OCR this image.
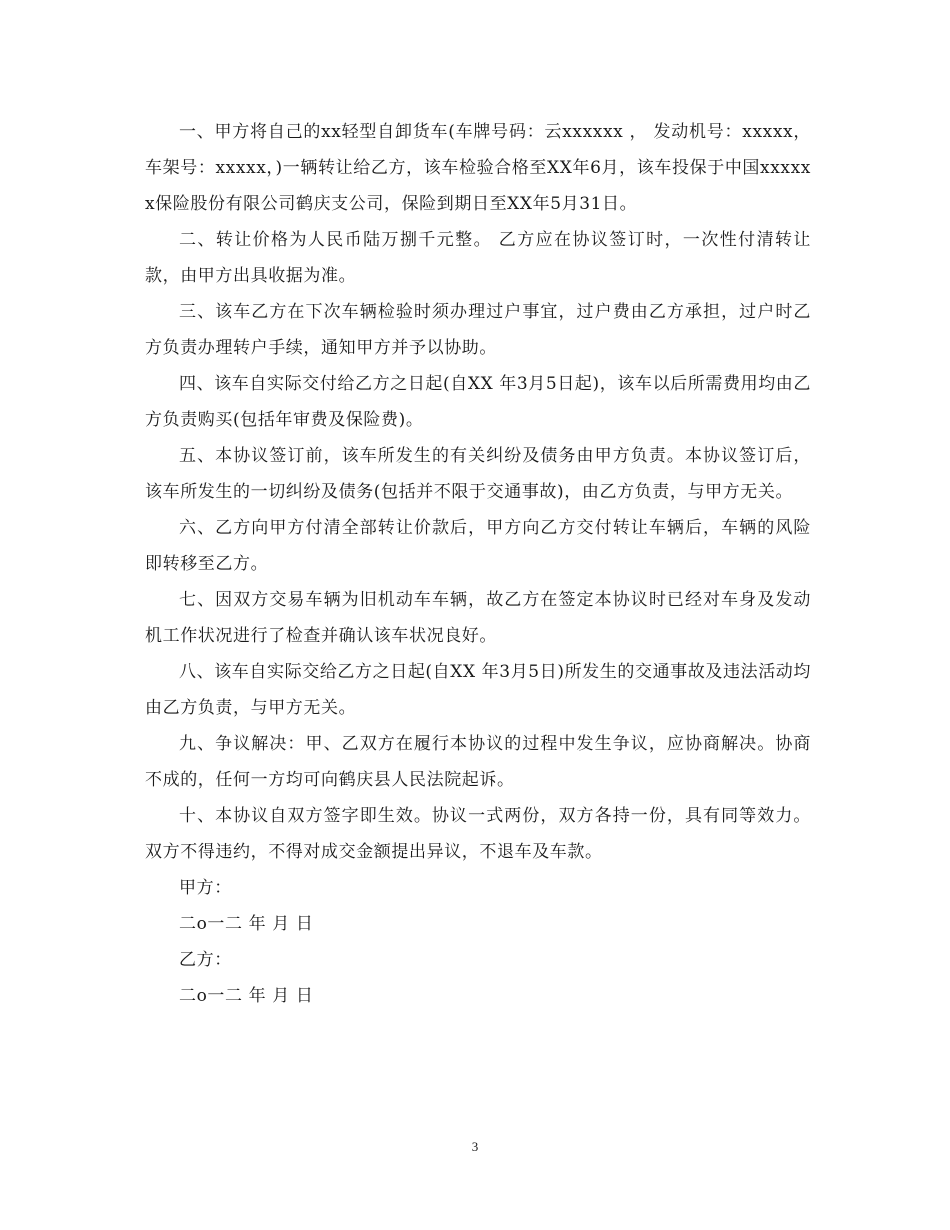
一、甲方将自己的xx轻型自卸货车(车牌号码：云xxxxxx ， 发动机号：xxxxx，车架号：xxxxx，)一辆转让给乙方，该车检验合格至XX年6月，该车投保于中国xxxxxx保险股份有限公司鹤庆支公司，保险到期日至XX年5月31日。

二、转让价格为人民币陆万捌千元整。 乙方应在协议签订时，一次性付清转让款，由甲方出具收据为准。

三、该车乙方在下次车辆检验时须办理过户事宜，过户费由乙方承担，过户时乙方负责办理转户手续，通知甲方并予以协助。

四、该车自实际交付给乙方之日起(自XX 年3月5日起)，该车以后所需费用均由乙方负责购买(包括年审费及保险费)。

五、本协议签订前，该车所发生的有关纠纷及债务由甲方负责。本协议签订后，该车所发生的一切纠纷及债务(包括并不限于交通事故)，由乙方负责，与甲方无关。

六、乙方向甲方付清全部转让价款后，甲方向乙方交付转让车辆后，车辆的风险即转移至乙方。

七、因双方交易车辆为旧机动车车辆，故乙方在签定本协议时已经对车身及发动机工作状况进行了检查并确认该车状况良好。

八、该车自实际交给乙方之日起(自XX 年3月5日)所发生的交通事故及违法活动均由乙方负责，与甲方无关。

九、争议解决：甲、乙双方在履行本协议的过程中发生争议，应协商解决。协商不成的，任何一方均可向鹤庆县人民法院起诉。

十、本协议自双方签字即生效。协议一式两份，双方各持一份，具有同等效力。双方不得违约，不得对成交金额提出异议，不退车及车款。

甲方：

二o一二 年 月 日

乙方：

二o一二 年 月 日

3
